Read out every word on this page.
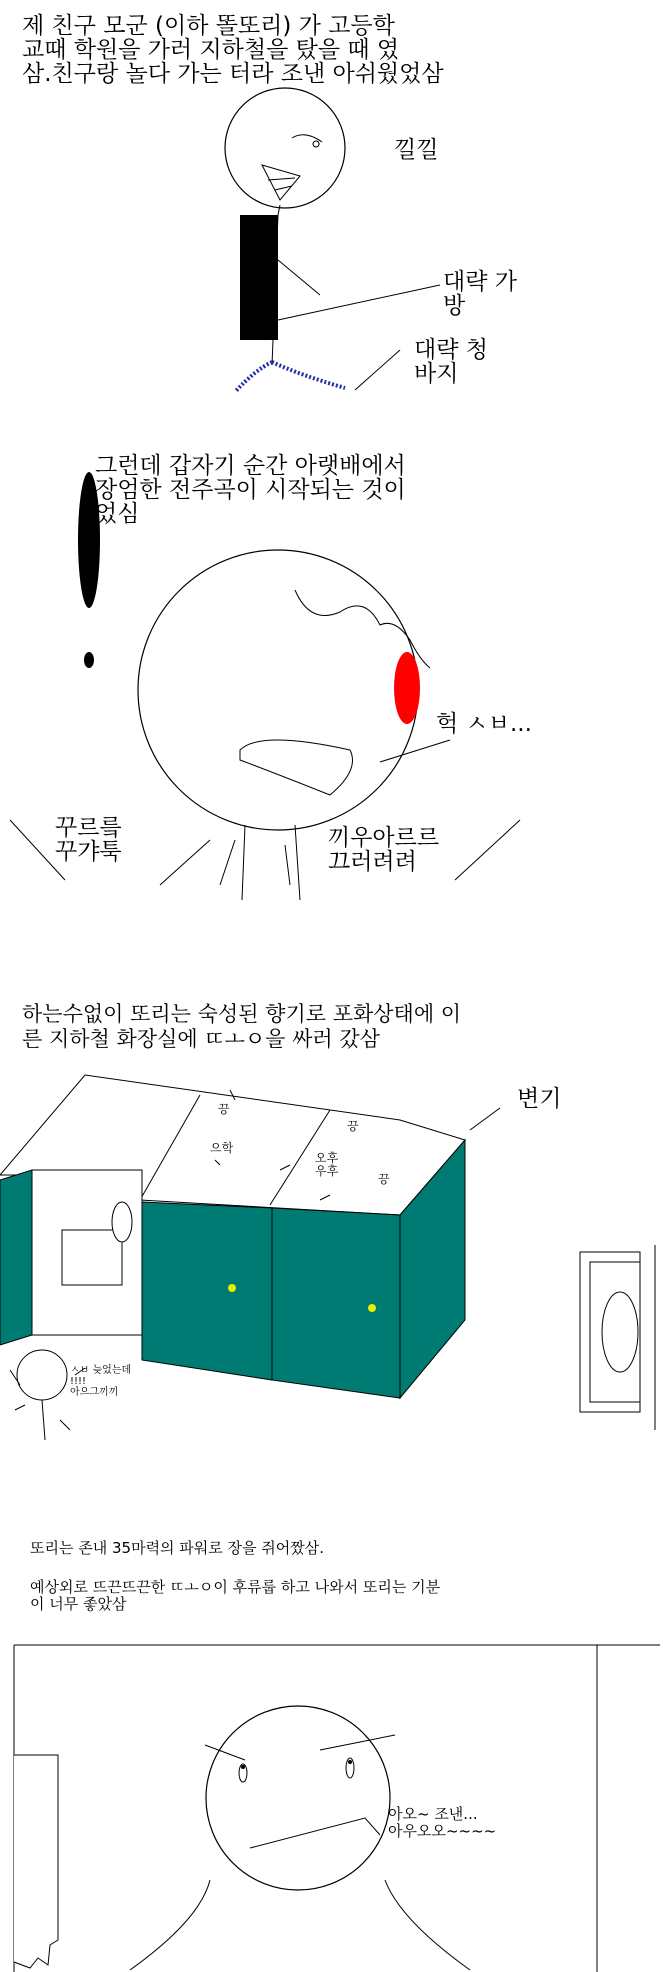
제 친구 모군 (이하 똘또리) 가 고등학
교때 학원을 가러 지하철을 탔을 때 였
삼.친구랑 놀다 가는 터라 조낸 아쉬웠었삼
낄낄
대략 가
방
대략 청
바지
그런데 갑자기 순간 아랫배에서
장엄한 전주곡이 시작되는 것이
었심
헉 ㅅㅂ...
꾸르릌
꾸갸툭
끼우아르르
끄러려려
하는수없이 또리는 숙성된 향기로 포화상태에 이
른 지하철 화장실에 ㄸㅗㅇ을 싸러 갔삼
변기
끙
으학
끙
오후
우후
끙
ㅅㅂ 늦었는데
!!!!
아으그끼끼
또리는 존내 35마력의 파워로 장을 쥐어짰삼.
예상외로 뜨끈뜨끈한 ㄸㅗㅇ이 후류룹 하고 나와서 또리는 기분
이 너무 좋았삼
아오~ 조낸...
아우오오~~~~
